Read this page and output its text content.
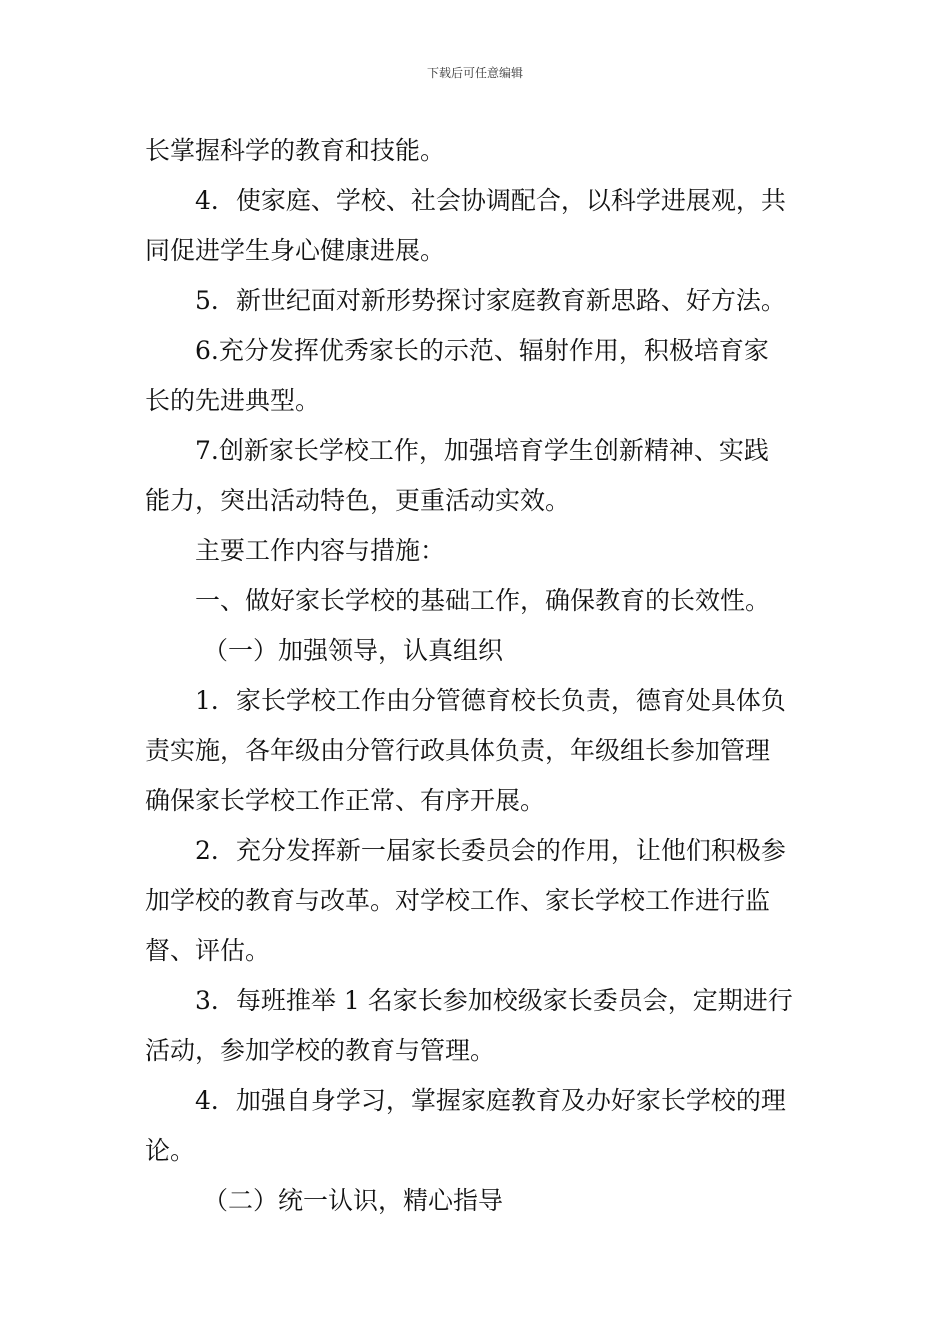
下载后可任意编辑
长掌握科学的教育和技能。
4．使家庭、学校、社会协调配合，以科学进展观，共
同促进学生身心健康进展。
5．新世纪面对新形势探讨家庭教育新思路、好方法。
6.充分发挥优秀家长的示范、辐射作用，积极培育家
长的先进典型。
7.创新家长学校工作，加强培育学生创新精神、实践
能力，突出活动特色，更重活动实效。
主要工作内容与措施：
一、做好家长学校的基础工作，确保教育的长效性。
（一）加强领导，认真组织
1．家长学校工作由分管德育校长负责，德育处具体负
责实施，各年级由分管行政具体负责，年级组长参加管理
确保家长学校工作正常、有序开展。
2．充分发挥新一届家长委员会的作用，让他们积极参
加学校的教育与改革。对学校工作、家长学校工作进行监
督、评估。
3．每班推举 1 名家长参加校级家长委员会，定期进行
活动，参加学校的教育与管理。
4．加强自身学习，掌握家庭教育及办好家长学校的理
论。
（二）统一认识，精心指导
